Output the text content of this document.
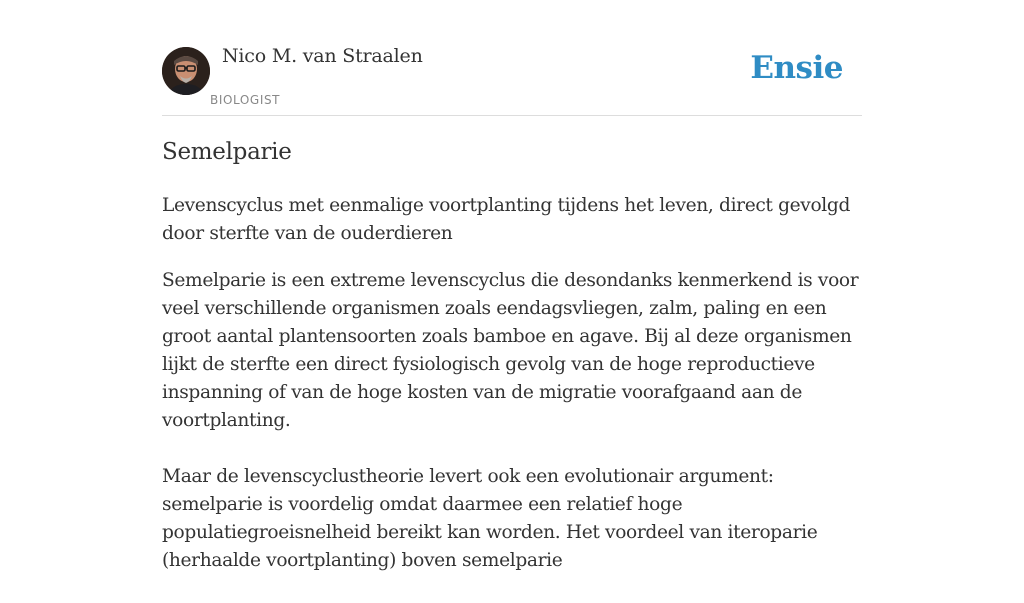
Nico M. van Straalen
BIOLOGIST
Ensie
Semelparie
Levenscyclus met eenmalige voortplanting tijdens het leven, direct gevolgd door sterfte van de ouderdieren

Semelparie is een extreme levenscyclus die desondanks kenmerkend is voor veel verschillende organismen zoals eendagsvliegen, zalm, paling en een groot aantal plantensoorten zoals bamboe en agave. Bij al deze organismen lijkt de sterfte een direct fysiologisch gevolg van de hoge reproductieve inspanning of van de hoge kosten van de migratie voorafgaand aan de voortplanting.

Maar de levenscyclustheorie levert ook een evolutionair argument: semelparie is voordelig omdat daarmee een relatief hoge populatiegroeisnelheid bereikt kan worden. Het voordeel van iteroparie (herhaalde voortplanting) boven semelparie
